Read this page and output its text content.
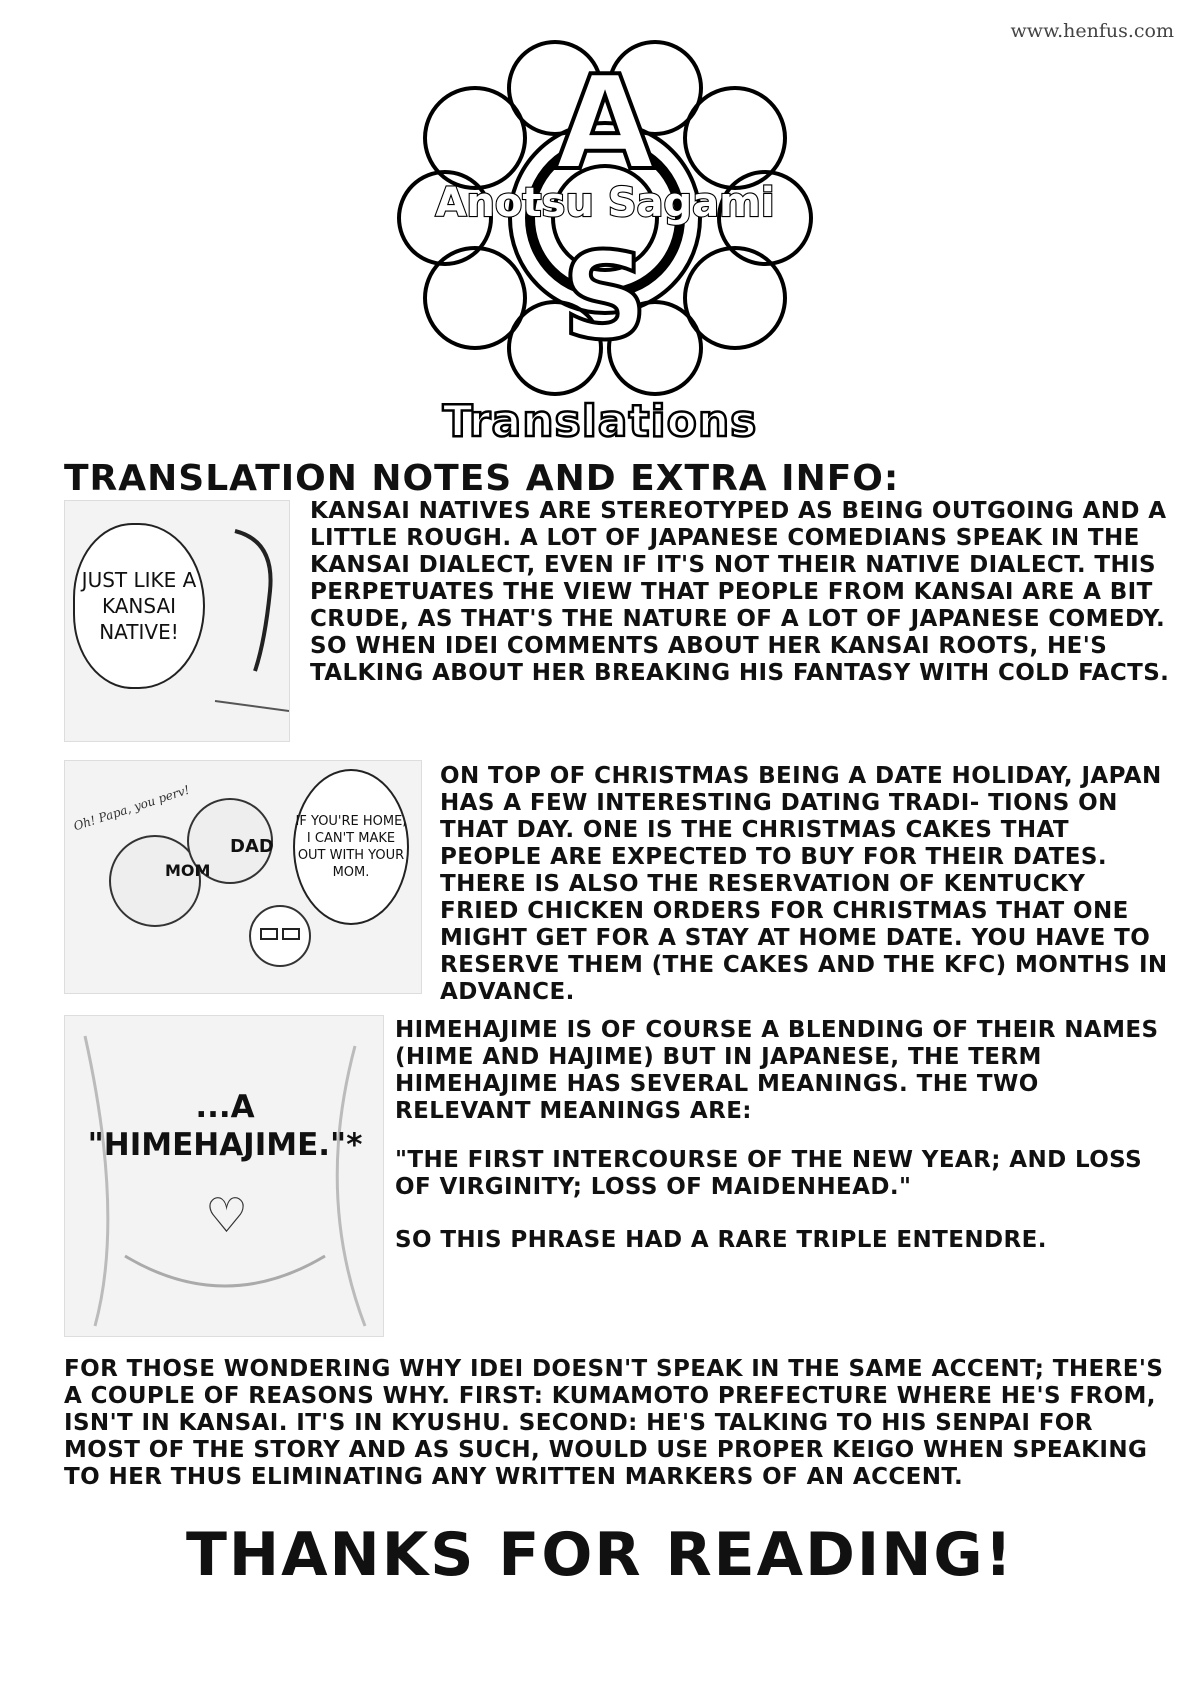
www.henfus.com
A
S
Anotsu Sagami
Translations
TRANSLATION NOTES AND EXTRA INFO:
JUST LIKE A KANSAI NATIVE!

KANSAI NATIVES ARE STEREOTYPED AS BEING OUTGOING AND A LITTLE ROUGH. A LOT OF JAPANESE COMEDIANS SPEAK IN THE KANSAI DIALECT, EVEN IF IT'S NOT THEIR NATIVE DIALECT. THIS PERPETUATES THE VIEW THAT PEOPLE FROM KANSAI ARE A BIT CRUDE, AS THAT'S THE NATURE OF A LOT OF JAPANESE COMEDY. SO WHEN IDEI COMMENTS ABOUT HER KANSAI ROOTS, HE'S TALKING ABOUT HER BREAKING HIS FANTASY WITH COLD FACTS.

Oh! Papa, you perv!
MOM
DAD
IF YOU'RE HOME, I CAN'T MAKE OUT WITH YOUR MOM.

ON TOP OF CHRISTMAS BEING A DATE HOLIDAY, JAPAN HAS A FEW INTERESTING DATING TRADI- TIONS ON THAT DAY. ONE IS THE CHRISTMAS CAKES THAT PEOPLE ARE EXPECTED TO BUY FOR THEIR DATES. THERE IS ALSO THE RESERVATION OF KENTUCKY FRIED CHICKEN ORDERS FOR CHRISTMAS THAT ONE MIGHT GET FOR A STAY AT HOME DATE. YOU HAVE TO RESERVE THEM (THE CAKES AND THE KFC) MONTHS IN ADVANCE.

...A "HIMEHAJIME."*
♡

HIMEHAJIME IS OF COURSE A BLENDING OF THEIR NAMES (HIME AND HAJIME) BUT IN JAPANESE, THE TERM HIMEHAJIME HAS SEVERAL MEANINGS. THE TWO RELEVANT MEANINGS ARE:

"THE FIRST INTERCOURSE OF THE NEW YEAR; AND LOSS OF VIRGINITY; LOSS OF MAIDENHEAD."

SO THIS PHRASE HAD A RARE TRIPLE ENTENDRE.

FOR THOSE WONDERING WHY IDEI DOESN'T SPEAK IN THE SAME ACCENT; THERE'S A COUPLE OF REASONS WHY. FIRST: KUMAMOTO PREFECTURE WHERE HE'S FROM, ISN'T IN KANSAI. IT'S IN KYUSHU. SECOND: HE'S TALKING TO HIS SENPAI FOR MOST OF THE STORY AND AS SUCH, WOULD USE PROPER KEIGO WHEN SPEAKING TO HER THUS ELIMINATING ANY WRITTEN MARKERS OF AN ACCENT.

THANKS FOR READING!
